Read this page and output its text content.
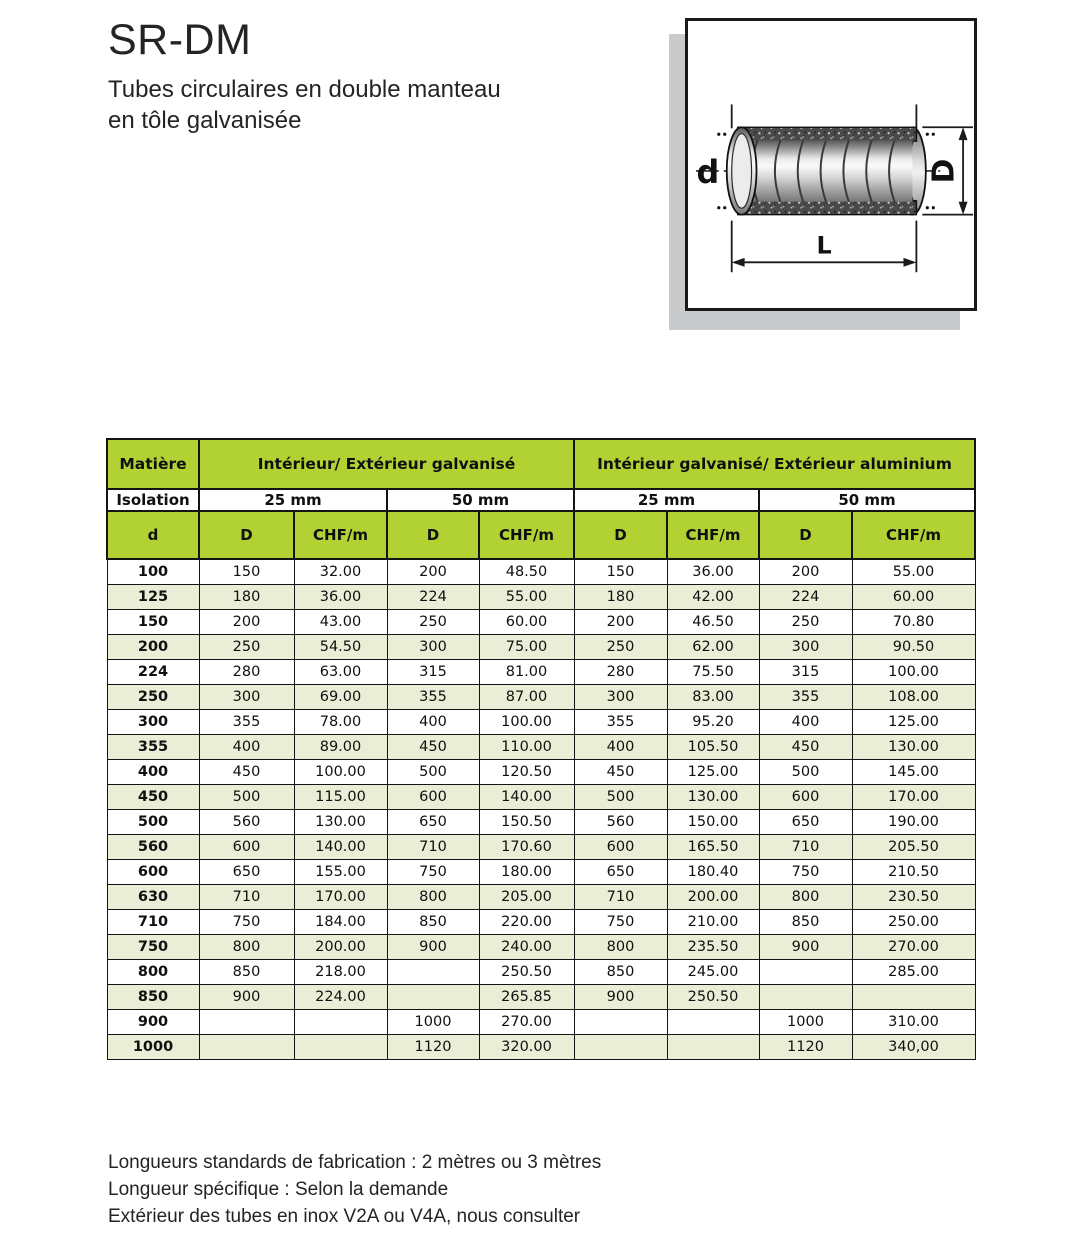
SR-DM
Tubes circulaires en double manteau
en tôle galvanisée
L
D
d
Matière	Intérieur/ Extérieur galvanisé				Intérieur galvanisé/ Extérieur aluminium			
Isolation	25 mm		50 mm		25 mm		50 mm	
d	D	CHF/m	D	CHF/m	D	CHF/m	D	CHF/m
100	150	32.00	200	48.50	150	36.00	200	55.00
125	180	36.00	224	55.00	180	42.00	224	60.00
150	200	43.00	250	60.00	200	46.50	250	70.80
200	250	54.50	300	75.00	250	62.00	300	90.50
224	280	63.00	315	81.00	280	75.50	315	100.00
250	300	69.00	355	87.00	300	83.00	355	108.00
300	355	78.00	400	100.00	355	95.20	400	125.00
355	400	89.00	450	110.00	400	105.50	450	130.00
400	450	100.00	500	120.50	450	125.00	500	145.00
450	500	115.00	600	140.00	500	130.00	600	170.00
500	560	130.00	650	150.50	560	150.00	650	190.00
560	600	140.00	710	170.60	600	165.50	710	205.50
600	650	155.00	750	180.00	650	180.40	750	210.50
630	710	170.00	800	205.00	710	200.00	800	230.50
710	750	184.00	850	220.00	750	210.00	850	250.00
750	800	200.00	900	240.00	800	235.50	900	270.00
800	850	218.00		250.50	850	245.00		285.00
850	900	224.00		265.85	900	250.50		
900			1000	270.00			1000	310.00
1000			1120	320.00			1120	340,00
Longueurs standards de fabrication : 2 mètres ou 3 mètres
Longueur spécifique : Selon la demande
Extérieur des tubes en inox V2A ou V4A, nous consulter
